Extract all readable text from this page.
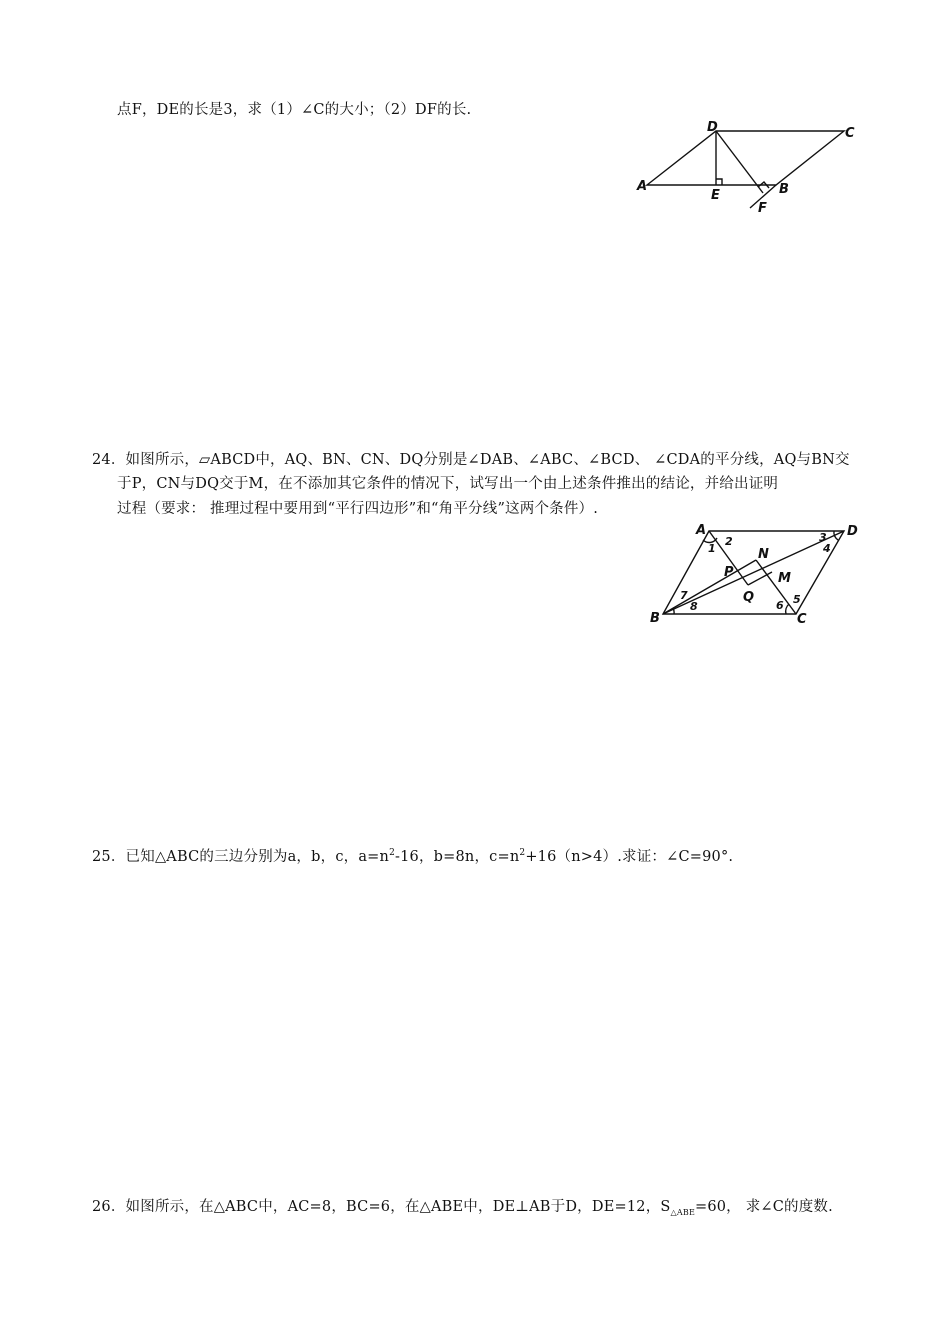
点F，DE的长是3，求（1）∠C的大小；（2）DF的长.
D	C
A
E	B
F
24．如图所示，▱ABCD中，AQ、BN、CN、DQ分别是∠DAB、∠ABC、∠BCD、 ∠CDA的平分线，AQ与BN交
于P，CN与DQ交于M，在不添加其它条件的情况下，试写出一个由上述条件推出的结论，并给出证明
过程（要求： 推理过程中要用到“平行四边形”和“角平分线”这两个条件）.
A	D
B	C
N
P	M
Q
1
2	3
4
5
6
7
8
25．已知△ABC的三边分别为a，b，c，$a=n^2-16$，b=8n，$c=n^2+16(n>4)$.求证：∠C=90°.
26．如图所示，在△ABC中，AC=8，BC=6，在△ABE中，DE⊥AB于D，DE=12，$S_{\triangle ABE}=60$， 求∠C的度数.
